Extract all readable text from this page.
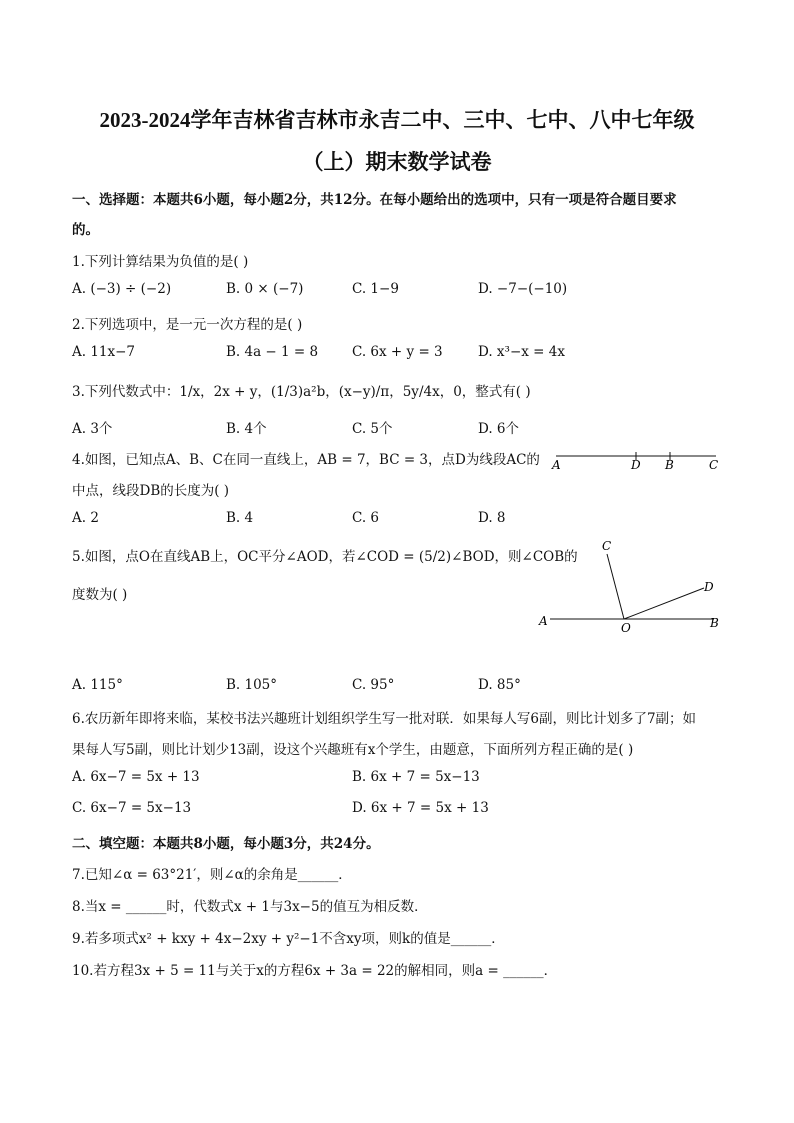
2023-2024学年吉林省吉林市永吉二中、三中、七中、八中七年级
（上）期末数学试卷
一、选择题：本题共6小题，每小题2分，共12分。在每小题给出的选项中，只有一项是符合题目要求
的。
1.下列计算结果为负值的是( )
A. (−3) ÷ (−2)	B. 0 × (−7)	C. 1−9	D. −7−(−10)
2.下列选项中，是一元一次方程的是( )
A. 11x−7	B. 4a − 1 = 8	C. 6x + y = 3	D. x³−x = 4x
3.下列代数式中：1/x，2x + y，(1/3)a²b，(x−y)/π，5y/4x，0，整式有( )
A. 3个	B. 4个	C. 5个	D. 6个
4.如图，已知点A、B、C在同一直线上，AB = 7，BC = 3，点D为线段AC的
中点，线段DB的长度为( )
A	D B	C
A. 2	B. 4	C. 6	D. 8
5.如图，点O在直线AB上，OC平分∠AOD，若∠COD = (5/2)∠BOD，则∠COB的
度数为( )
C
D
A	O	B
A. 115°	B. 105°	C. 95°	D. 85°
6.农历新年即将来临，某校书法兴趣班计划组织学生写一批对联．如果每人写6副，则比计划多了7副；如
果每人写5副，则比计划少13副，设这个兴趣班有x个学生，由题意，下面所列方程正确的是( )
A. 6x−7 = 5x + 13	B. 6x + 7 = 5x−13
C. 6x−7 = 5x−13	D. 6x + 7 = 5x + 13
二、填空题：本题共8小题，每小题3分，共24分。
7.已知∠α = 63°21′，则∠α的余角是______．
8.当x = ______时，代数式x + 1与3x−5的值互为相反数．
9.若多项式x² + kxy + 4x−2xy + y²−1不含xy项，则k的值是______．
10.若方程3x + 5 = 11与关于x的方程6x + 3a = 22的解相同，则a = ______．
